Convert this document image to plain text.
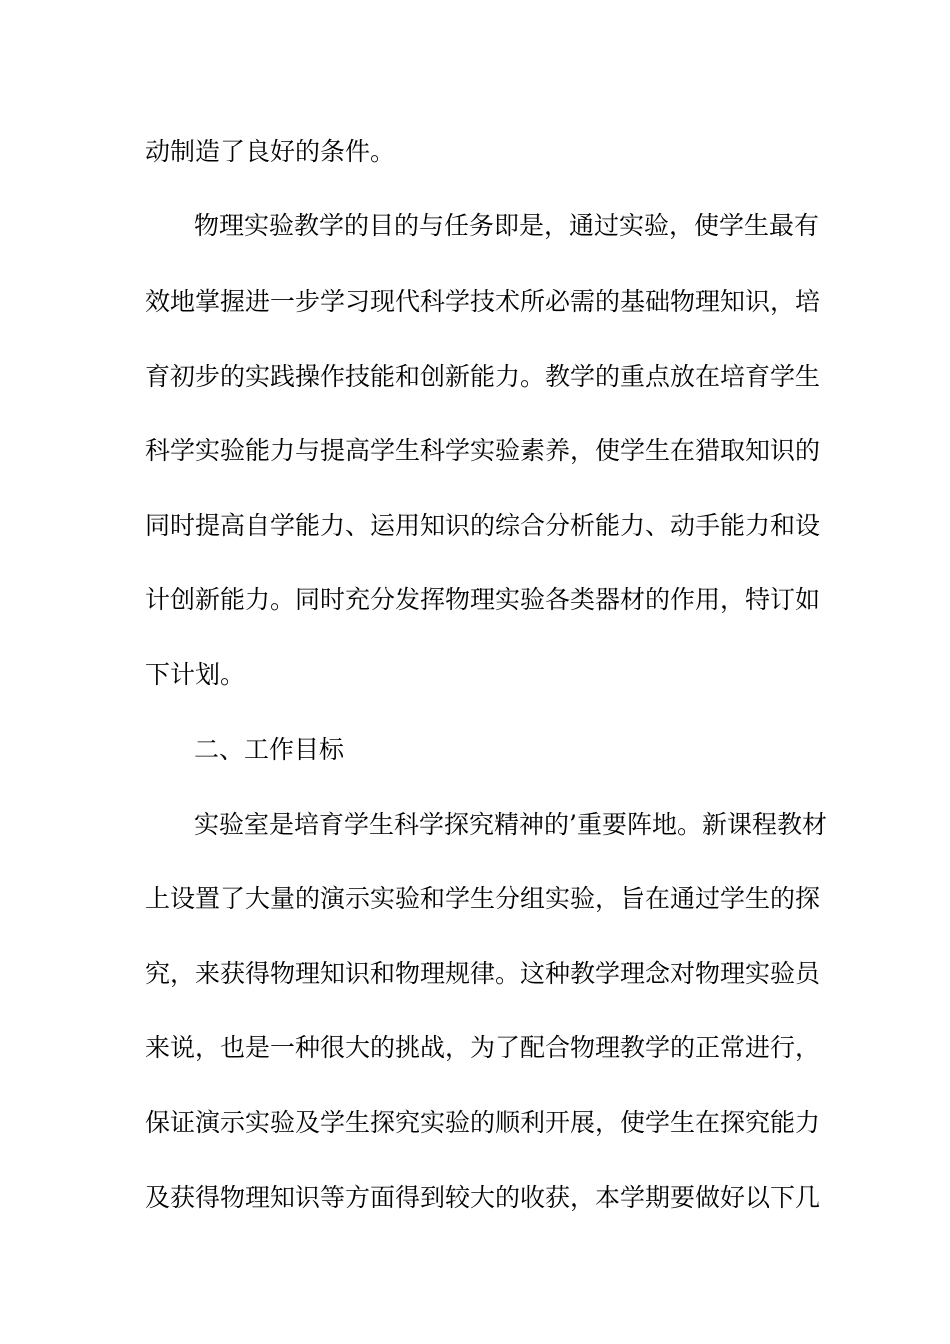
动制造了良好的条件。
物理实验教学的目的与任务即是，通过实验，使学生最有
效地掌握进一步学习现代科学技术所必需的基础物理知识，培
育初步的实践操作技能和创新能力。教学的重点放在培育学生
科学实验能力与提高学生科学实验素养，使学生在猎取知识的
同时提高自学能力、运用知识的综合分析能力、动手能力和设
计创新能力。同时充分发挥物理实验各类器材的作用，特订如
下计划。
二、工作目标
实验室是培育学生科学探究精神的’重要阵地。新课程教材
上设置了大量的演示实验和学生分组实验，旨在通过学生的探
究，来获得物理知识和物理规律。这种教学理念对物理实验员
来说，也是一种很大的挑战，为了配合物理教学的正常进行，
保证演示实验及学生探究实验的顺利开展，使学生在探究能力
及获得物理知识等方面得到较大的收获，本学期要做好以下几
